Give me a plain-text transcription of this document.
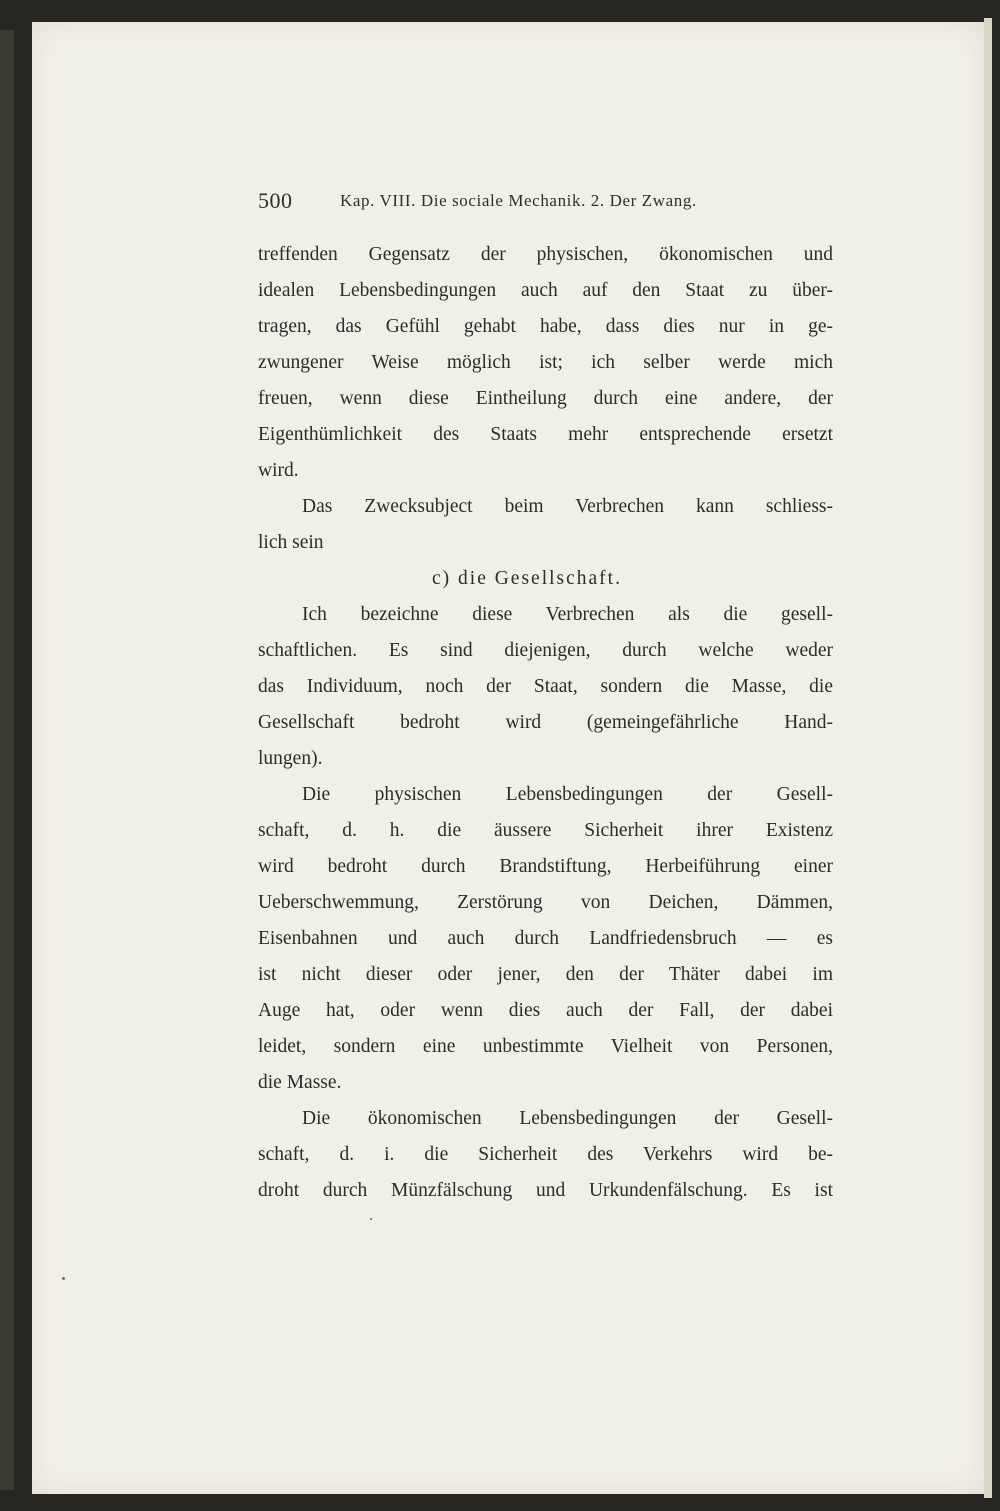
500	Kap. VIII. Die sociale Mechanik. 2. Der Zwang.
treffenden Gegensatz der physischen, ökonomischen und
idealen Lebensbedingungen auch auf den Staat zu über-
tragen, das Gefühl gehabt habe, dass dies nur in ge-
zwungener Weise möglich ist; ich selber werde mich
freuen, wenn diese Eintheilung durch eine andere, der
Eigenthümlichkeit des Staats mehr entsprechende ersetzt
wird.
Das Zwecksubject beim Verbrechen kann schliess-
lich sein
c) die Gesellschaft.
Ich bezeichne diese Verbrechen als die gesell-
schaftlichen. Es sind diejenigen, durch welche weder
das Individuum, noch der Staat, sondern die Masse, die
Gesellschaft bedroht wird (gemeingefährliche Hand-
lungen).
Die physischen Lebensbedingungen der Gesell-
schaft, d. h. die äussere Sicherheit ihrer Existenz
wird bedroht durch Brandstiftung, Herbeiführung einer
Ueberschwemmung, Zerstörung von Deichen, Dämmen,
Eisenbahnen und auch durch Landfriedensbruch — es
ist nicht dieser oder jener, den der Thäter dabei im
Auge hat, oder wenn dies auch der Fall, der dabei
leidet, sondern eine unbestimmte Vielheit von Personen,
die Masse.
Die ökonomischen Lebensbedingungen der Gesell-
schaft, d. i. die Sicherheit des Verkehrs wird be-
droht durch Münzfälschung und Urkundenfälschung. Es ist
